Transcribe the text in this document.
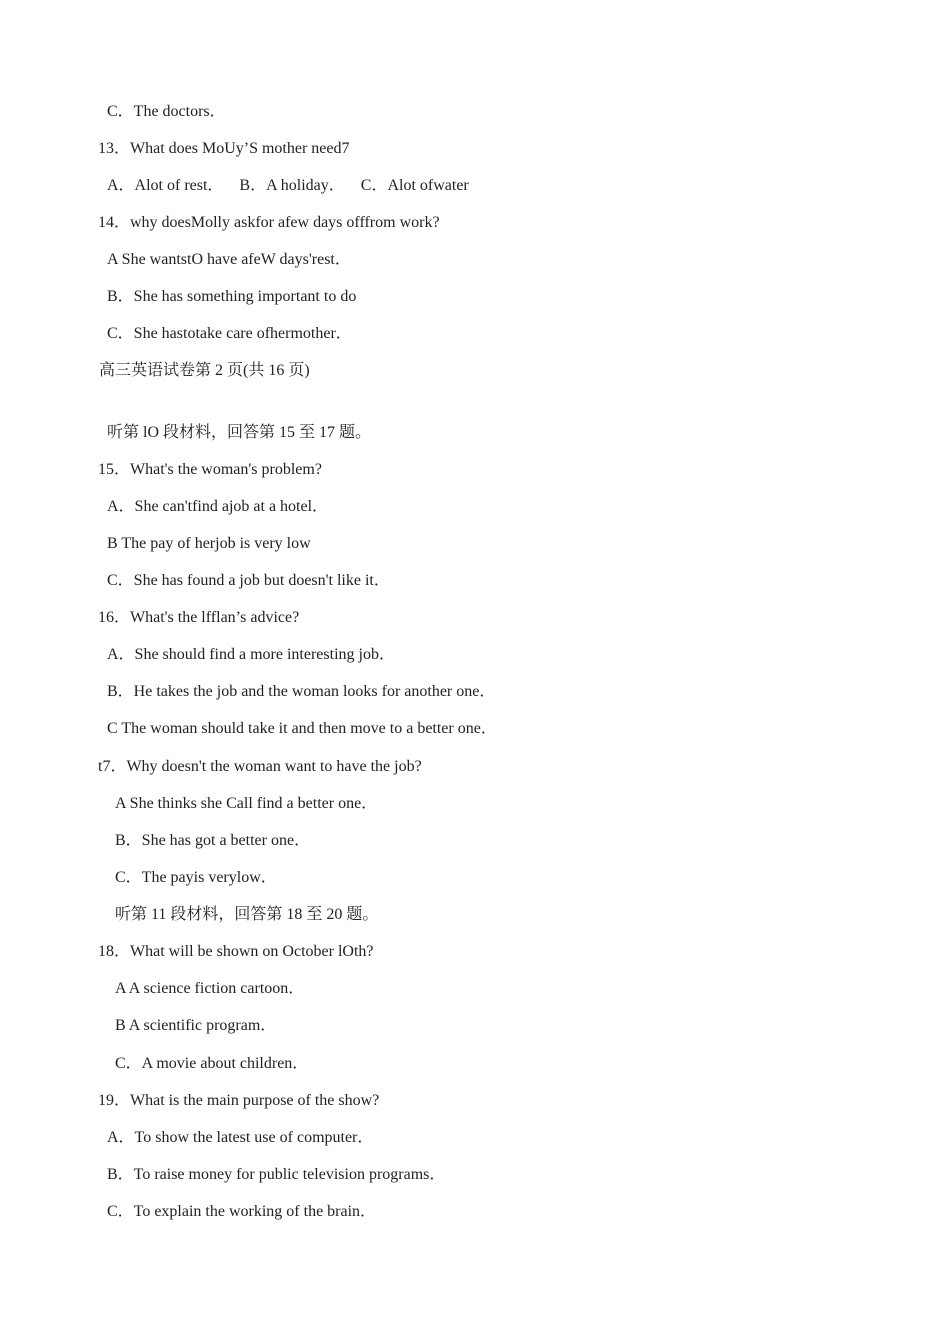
C．The doctors．
13．What does MoUy’S mother need7
A．Alot of rest．    B．A holiday．    C．Alot ofwater
14．why doesMolly askfor afew days offfrom work?
A She wantstO have afeW days'rest．
B．She has something important to do
C．She hastotake care ofhermother．
高三英语试卷第 2 页(共 16 页)
听第 lO 段材料，回答第 15 至 17 题。
15．What's the woman's problem?
A．She can'tfind ajob at a hotel．
B The pay of herjob is very low
C．She has found a job but doesn't like it．
16．What's the lfflan’s advice?
A．She should find a more interesting job．
B．He takes the job and the woman looks for another one．
C The woman should take it and then move to a better one．
t7．Why doesn't the woman want to have the job?
A She thinks she Call find a better one．
B．She has got a better one．
C．The payis verylow．
听第 11 段材料，回答第 18 至 20 题。
18．What will be shown on October lOth?
A A science fiction cartoon．
B A scientific program．
C．A movie about children．
19．What is the main purpose of the show?
A．To show the latest use of computer．
B．To raise money for public television programs．
C．To explain the working of the brain．
